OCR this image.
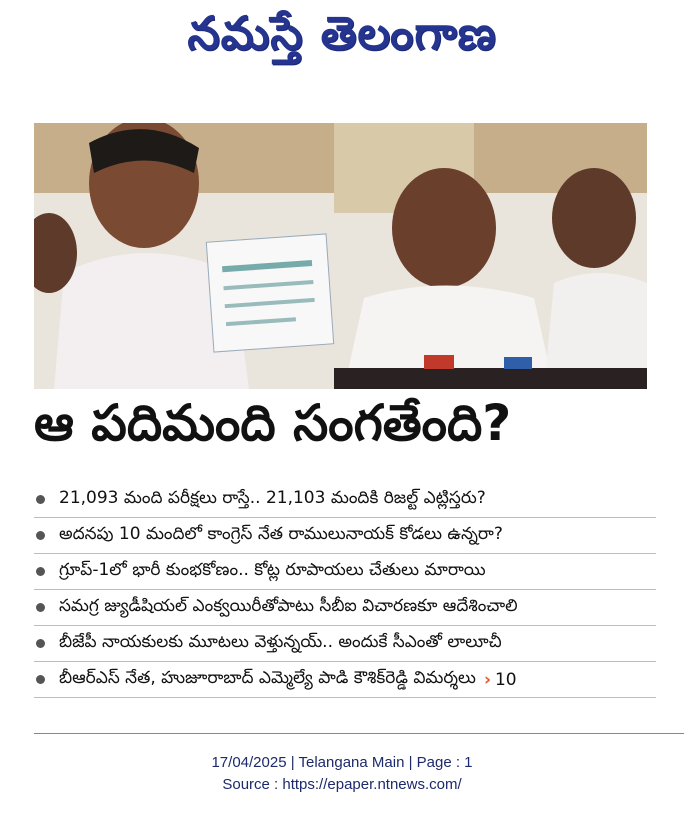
నమస్తే తెలంగాణ
ఆ పదిమంది సంగతేంది?
21,093 మంది పరీక్షలు రాస్తే.. 21,103 మందికి రిజల్ట్ ఎట్లిస్తరు?
అదనపు 10 మందిలో కాంగ్రెస్ నేత రాములునాయక్ కోడలు ఉన్నరా?
గ్రూప్-1లో భారీ కుంభకోణం.. కోట్ల రూపాయలు చేతులు మారాయి
సమగ్ర జ్యుడీషియల్ ఎంక్వయిరీతోపాటు సీబీఐ విచారణకూ ఆదేశించాలి
బీజేపీ నాయకులకు మూటలు వెళ్తున్నయ్.. అందుకే సీఎంతో లాలూచీ
బీఆర్ఎస్ నేత, హుజూరాబాద్ ఎమ్మెల్యే పాడి కౌశిక్‌రెడ్డి విమర్శలు › 10
17/04/2025 | Telangana Main | Page : 1
Source : https://epaper.ntnews.com/
